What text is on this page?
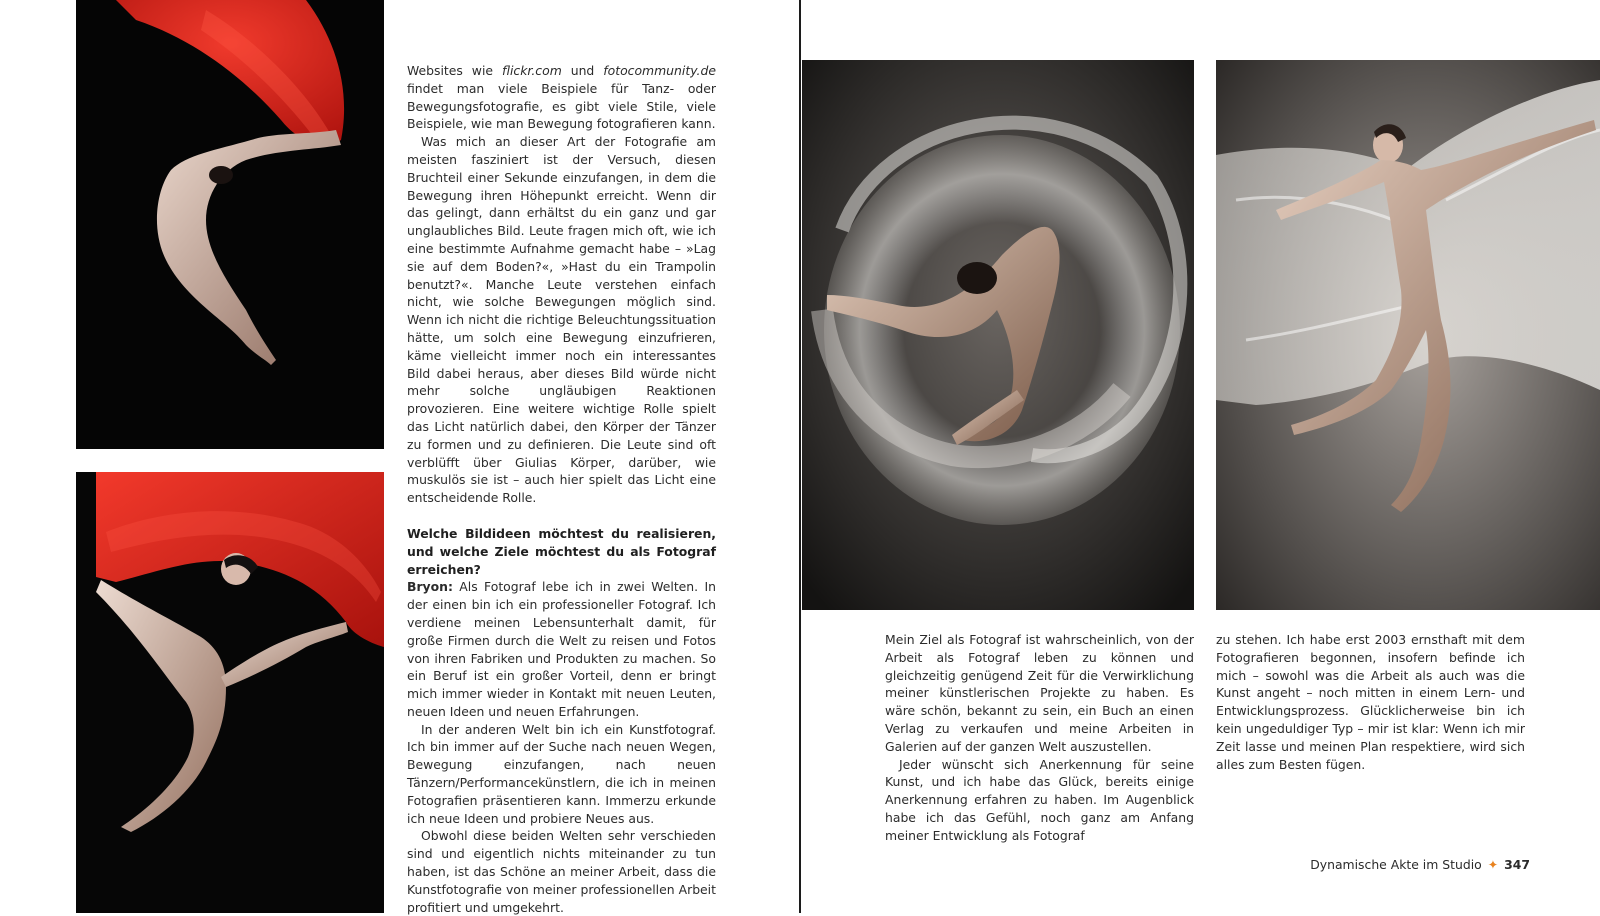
Websites wie flickr.com und fotocommunity.de findet man viele Beispiele für Tanz- oder Bewegungsfotografie, es gibt viele Stile, viele Beispiele, wie man Bewegung fotografieren kann.

Was mich an dieser Art der Fotografie am meisten fasziniert ist der Versuch, diesen Bruchteil einer Sekunde einzufangen, in dem die Bewegung ihren Höhepunkt erreicht. Wenn dir das gelingt, dann erhältst du ein ganz und gar unglaubliches Bild. Leute fragen mich oft, wie ich eine bestimmte Aufnahme gemacht habe – »Lag sie auf dem Boden?«, »Hast du ein Trampolin benutzt?«. Manche Leute verstehen einfach nicht, wie solche Bewegungen möglich sind. Wenn ich nicht die richtige Beleuchtungssituation hätte, um solch eine Bewegung einzufrieren, käme vielleicht immer noch ein interessantes Bild dabei heraus, aber dieses Bild würde nicht mehr solche ungläubigen Reaktionen provozieren. Eine weitere wichtige Rolle spielt das Licht natürlich dabei, den Körper der Tänzer zu formen und zu definieren. Die Leute sind oft verblüfft über Giulias Körper, darüber, wie muskulös sie ist – auch hier spielt das Licht eine entscheidende Rolle.

Welche Bildideen möchtest du realisieren, und welche Ziele möchtest du als Fotograf erreichen?

Bryon: Als Fotograf lebe ich in zwei Welten. In der einen bin ich ein professioneller Fotograf. Ich verdiene meinen Lebensunterhalt damit, für große Firmen durch die Welt zu reisen und Fotos von ihren Fabriken und Produkten zu machen. So ein Beruf ist ein großer Vorteil, denn er bringt mich immer wieder in Kontakt mit neuen Leuten, neuen Ideen und neuen Erfahrungen.

In der anderen Welt bin ich ein Kunstfotograf. Ich bin immer auf der Suche nach neuen Wegen, Bewegung einzufangen, nach neuen Tänzern/Performancekünstlern, die ich in meinen Fotografien präsentieren kann. Immerzu erkunde ich neue Ideen und probiere Neues aus.

Obwohl diese beiden Welten sehr verschieden sind und eigentlich nichts miteinander zu tun haben, ist das Schöne an meiner Arbeit, dass die Kunstfotografie von meiner professionellen Arbeit profitiert und umgekehrt.

Mein Ziel als Fotograf ist wahrscheinlich, von der Arbeit als Fotograf leben zu können und gleichzeitig genügend Zeit für die Verwirklichung meiner künstlerischen Projekte zu haben. Es wäre schön, bekannt zu sein, ein Buch an einen Verlag zu verkaufen und meine Arbeiten in Galerien auf der ganzen Welt auszustellen.

Jeder wünscht sich Anerkennung für seine Kunst, und ich habe das Glück, bereits einige Anerkennung erfahren zu haben. Im Augenblick habe ich das Gefühl, noch ganz am Anfang meiner Entwicklung als Fotograf

zu stehen. Ich habe erst 2003 ernsthaft mit dem Fotografieren begonnen, insofern befinde ich mich – sowohl was die Arbeit als auch was die Kunst angeht – noch mitten in einem Lern- und Entwicklungsprozess. Glücklicherweise bin ich kein ungeduldiger Typ – mir ist klar: Wenn ich mir Zeit lasse und meinen Plan respektiere, wird sich alles zum Besten fügen.

Dynamische Akte im Studio ✦ 347
